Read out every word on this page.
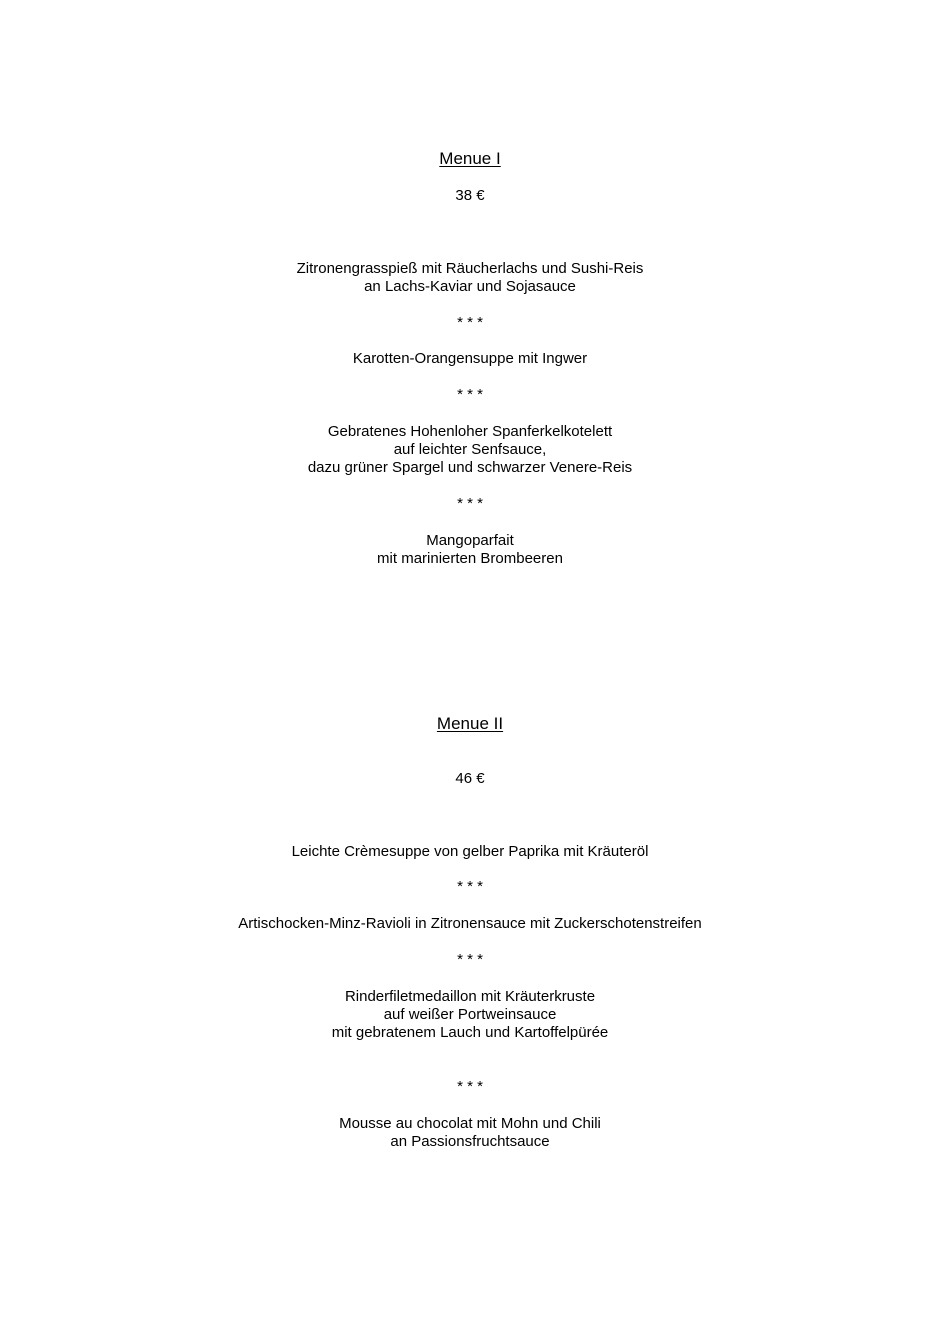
Menue I
38 €
Zitronengrasspieß mit Räucherlachs und Sushi-Reis
an Lachs-Kaviar und Sojasauce
* * *
Karotten-Orangensuppe mit Ingwer
* * *
Gebratenes Hohenloher Spanferkelkotelett
auf leichter Senfsauce,
dazu grüner Spargel und schwarzer Venere-Reis
* * *
Mangoparfait
mit marinierten Brombeeren
Menue II
46 €
Leichte Crèmesuppe von gelber Paprika mit Kräuteröl
* * *
Artischocken-Minz-Ravioli in Zitronensauce mit Zuckerschotenstreifen
* * *
Rinderfiletmedaillon mit Kräuterkruste
auf weißer Portweinsauce
mit gebratenem Lauch und Kartoffelpürée
* * *
Mousse au chocolat mit Mohn und Chili
an Passionsfruchtsauce
